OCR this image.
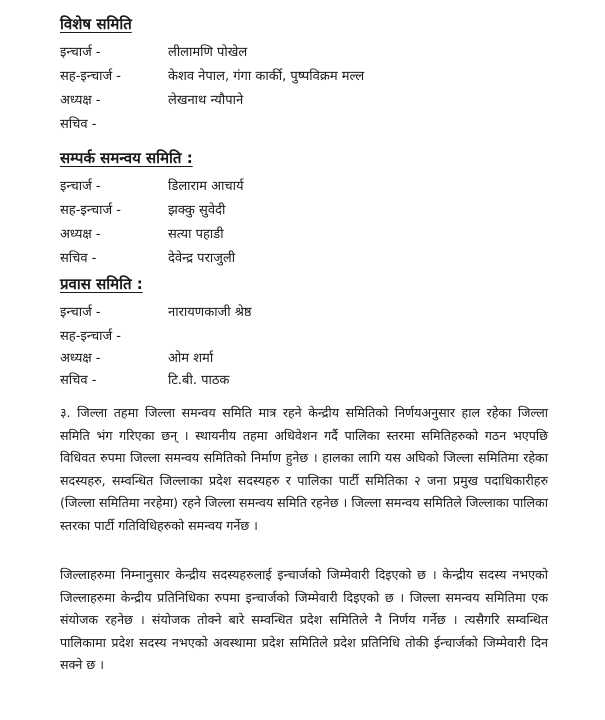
विशेष समिति
इन्चार्ज -	लीलामणि पोखेल
सह-इन्चार्ज -	केशव नेपाल, गंगा कार्की, पुष्पविक्रम मल्ल
अध्यक्ष -	लेखनाथ न्यौपाने
सचिव -
सम्पर्क समन्वय समिति :
इन्चार्ज -	डिलाराम आचार्य
सह-इन्चार्ज -	झक्कु सुवेदी
अध्यक्ष -	सत्या पहाडी
सचिव -	देवेन्द्र पराजुली
प्रवास समिति :
इन्चार्ज -	नारायणकाजी श्रेष्ठ
सह-इन्चार्ज -
अध्यक्ष -	ओम शर्मा
सचिव -	टि.बी. पाठक

३. जिल्ला तहमा जिल्ला समन्वय समिति मात्र रहने केन्द्रीय समितिको निर्णयअनुसार हाल रहेका जिल्ला समिति भंग गरिएका छन् । स्थायनीय तहमा अधिवेशन गर्दै पालिका स्तरमा समितिहरुको गठन भएपछि विधिवत रुपमा जिल्ला समन्वय समितिको निर्माण हुनेछ । हालका लागि यस अघिको जिल्ला समितिमा रहेका सदस्यहरु, सम्वन्धित जिल्लाका प्रदेश सदस्यहरु र पालिका पार्टी समितिका २ जना प्रमुख पदाधिकारीहरु (जिल्ला समितिमा नरहेमा) रहने जिल्ला समन्वय समिति रहनेछ । जिल्ला समन्वय समितिले जिल्लाका पालिका स्तरका पार्टी गतिविधिहरुको समन्वय गर्नेछ ।

जिल्लाहरुमा निम्नानुसार केन्द्रीय सदस्यहरुलाई इन्चार्जको जिम्मेवारी दिइएको छ । केन्द्रीय सदस्य नभएको जिल्लाहरुमा केन्द्रीय प्रतिनिधिका रुपमा इन्चार्जको जिम्मेवारी दिइएको छ । जिल्ला समन्वय समितिमा एक संयोजक रहनेछ । संयोजक तोक्ने बारे सम्वन्धित प्रदेश समितिले नै निर्णय गर्नेछ । त्यसैगरि सम्वन्धित पालिकामा प्रदेश सदस्य नभएको अवस्थामा प्रदेश समितिले प्रदेश प्रतिनिधि तोकी ईन्चार्जको जिम्मेवारी दिन सक्ने छ ।
